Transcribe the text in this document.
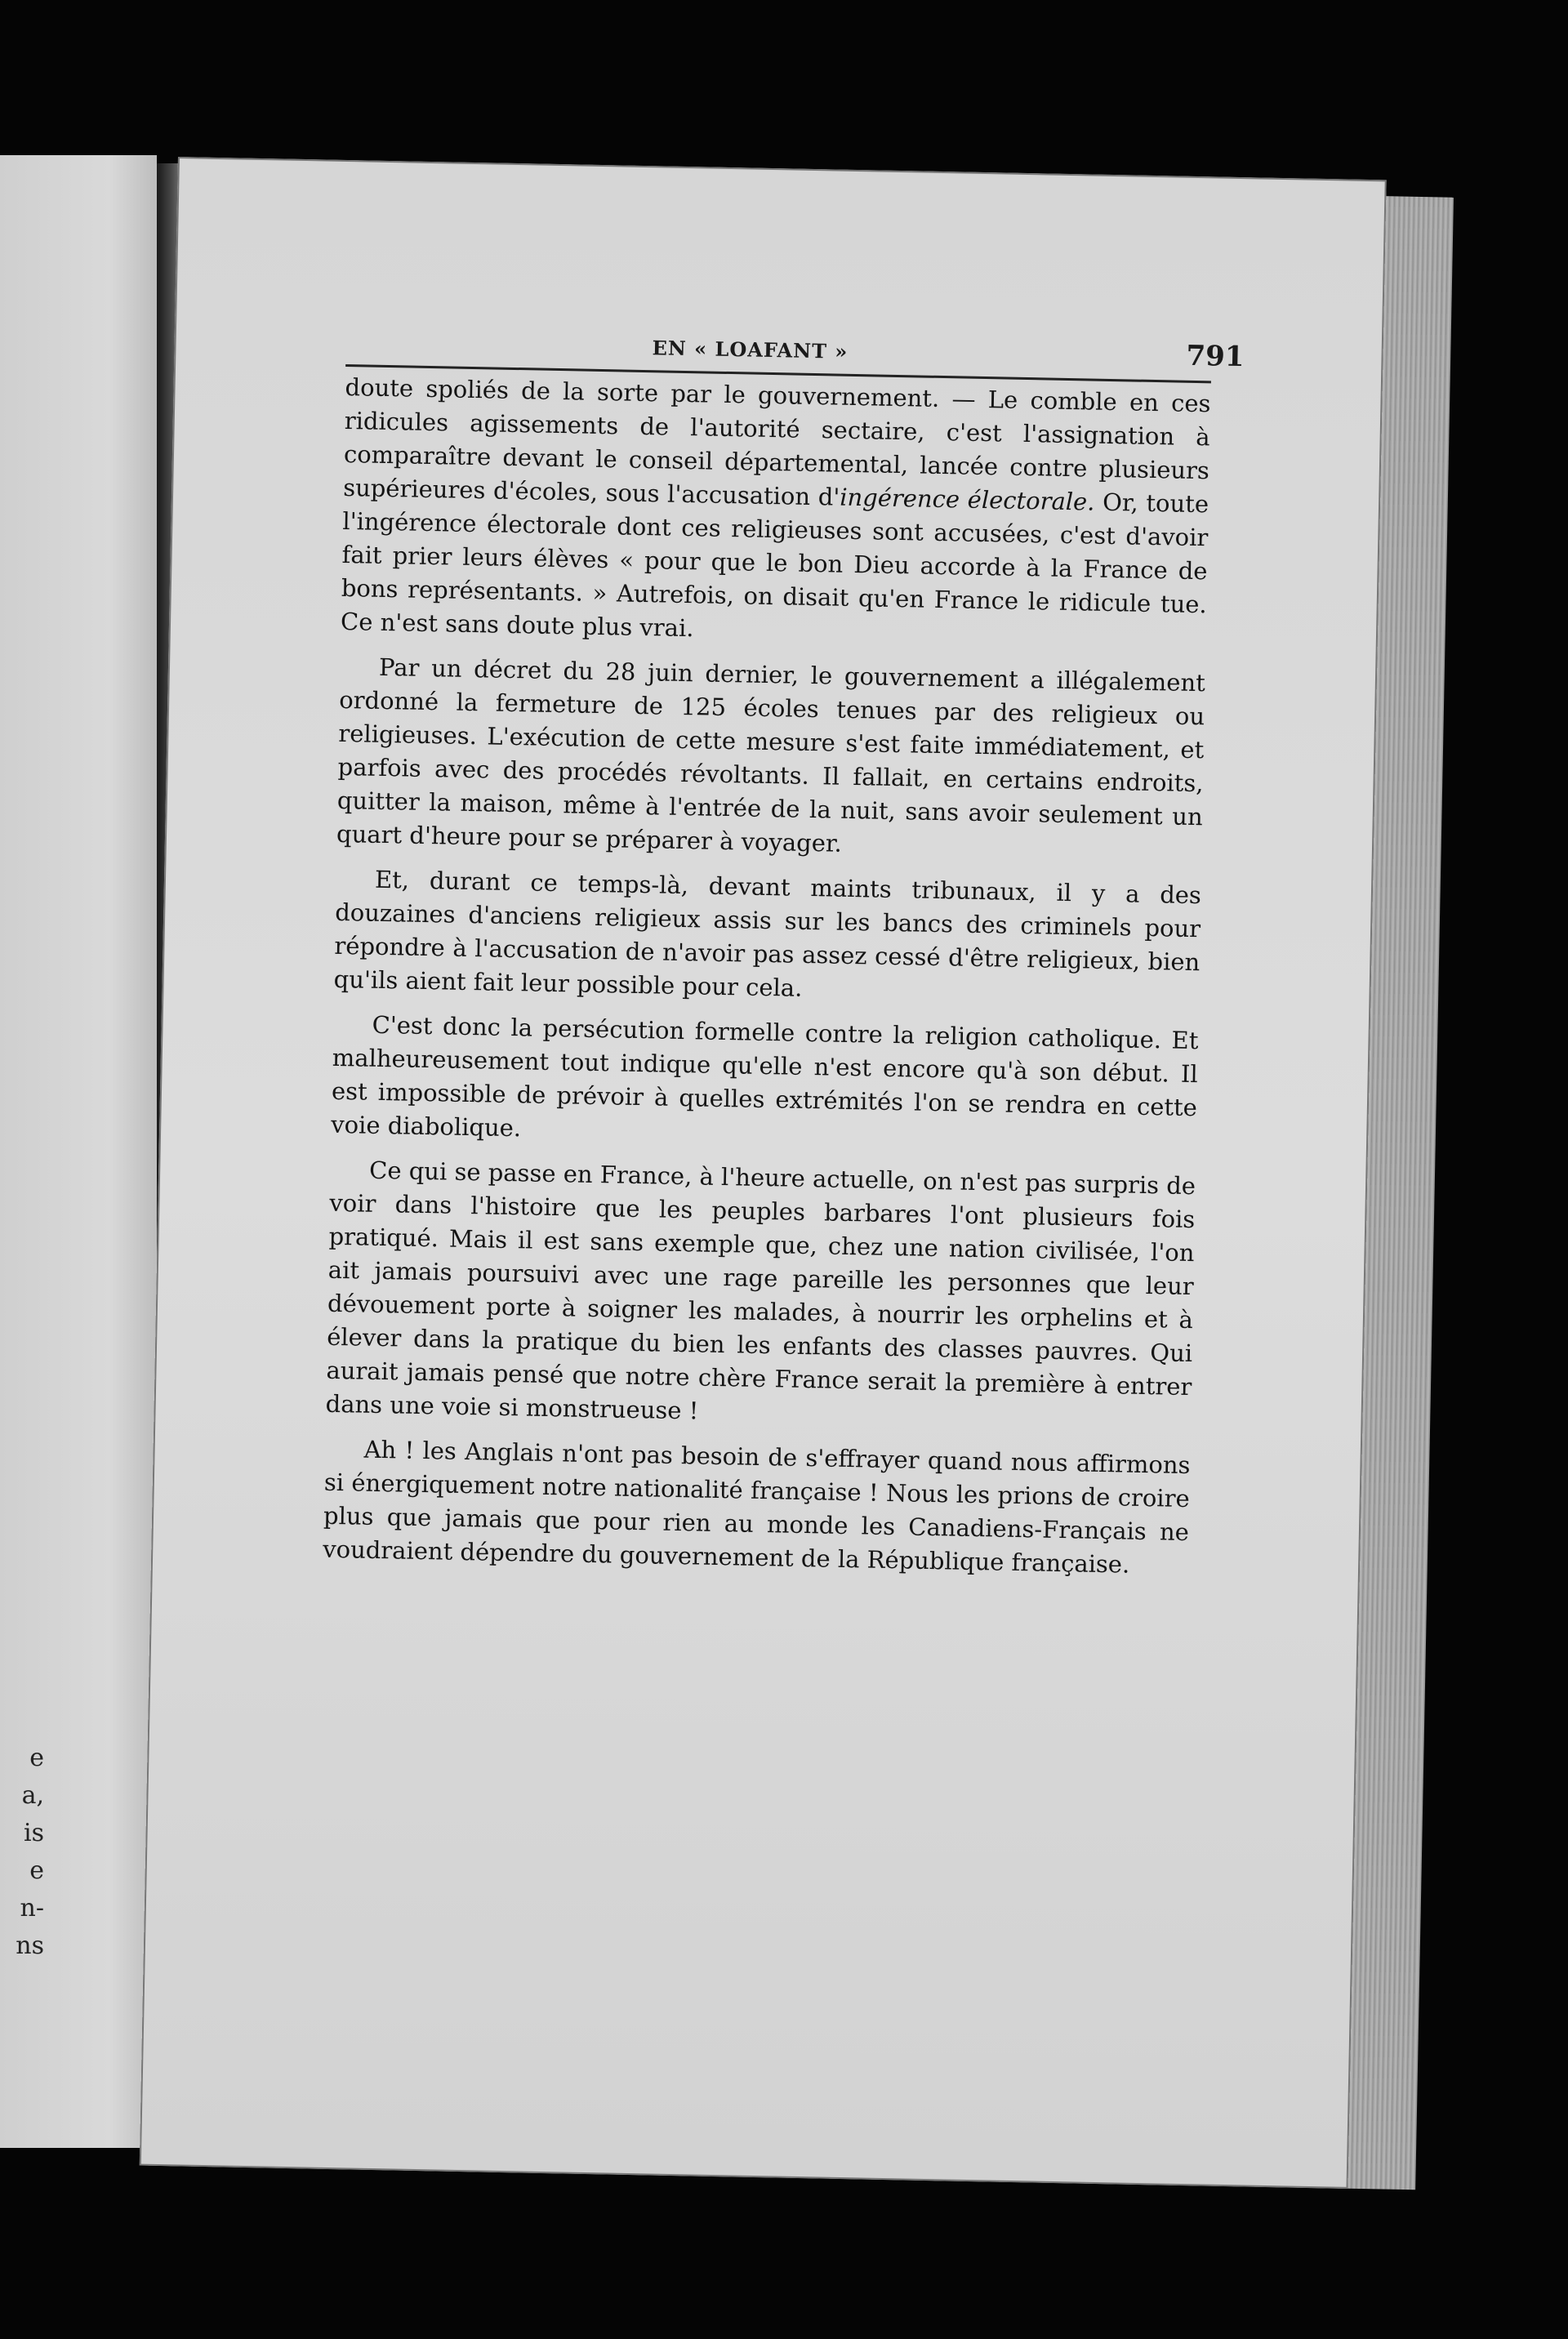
e
a,
is
e
n-
ns
EN « LOAFANT »	791

doute spoliés de la sorte par le gouvernement. — Le comble en ces ridicules agissements de l'autorité sectaire, c'est l'assignation à comparaître devant le conseil départemental, lancée contre plusieurs supérieures d'écoles, sous l'accusation d'ingérence électorale. Or, toute l'ingérence électorale dont ces religieuses sont accusées, c'est d'avoir fait prier leurs élèves « pour que le bon Dieu accorde à la France de bons représentants. » Autrefois, on disait qu'en France le ridicule tue. Ce n'est sans doute plus vrai.

Par un décret du 28 juin dernier, le gouvernement a illégalement ordonné la fermeture de 125 écoles tenues par des religieux ou religieuses. L'exécution de cette mesure s'est faite immédiatement, et parfois avec des procédés révoltants. Il fallait, en certains endroits, quitter la maison, même à l'entrée de la nuit, sans avoir seulement un quart d'heure pour se préparer à voyager.

Et, durant ce temps-là, devant maints tribunaux, il y a des douzaines d'anciens religieux assis sur les bancs des criminels pour répondre à l'accusation de n'avoir pas assez cessé d'être religieux, bien qu'ils aient fait leur possible pour cela.

C'est donc la persécution formelle contre la religion catholique. Et malheureusement tout indique qu'elle n'est encore qu'à son début. Il est impossible de prévoir à quelles extrémités l'on se rendra en cette voie diabolique.

Ce qui se passe en France, à l'heure actuelle, on n'est pas surpris de voir dans l'histoire que les peuples barbares l'ont plusieurs fois pratiqué. Mais il est sans exemple que, chez une nation civilisée, l'on ait jamais poursuivi avec une rage pareille les personnes que leur dévouement porte à soigner les malades, à nourrir les orphelins et à élever dans la pratique du bien les enfants des classes pauvres. Qui aurait jamais pensé que notre chère France serait la première à entrer dans une voie si monstrueuse !

Ah ! les Anglais n'ont pas besoin de s'effrayer quand nous affirmons si énergiquement notre nationalité française ! Nous les prions de croire plus que jamais que pour rien au monde les Canadiens-Français ne voudraient dépendre du gouvernement de la République française.
